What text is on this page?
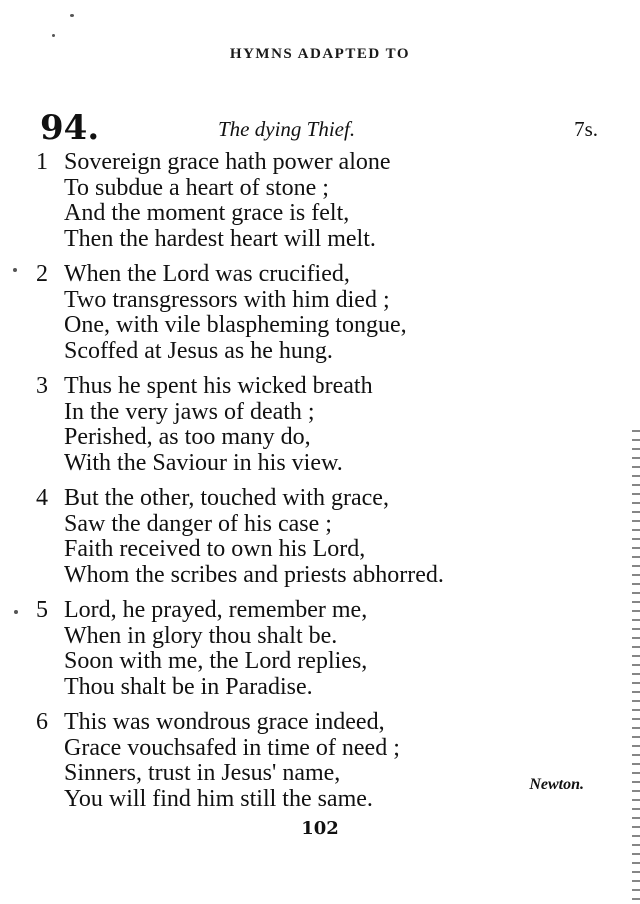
HYMNS ADAPTED TO
94.	The dying Thief.	7s.
1 Sovereign grace hath power alone
To subdue a heart of stone ;
And the moment grace is felt,
Then the hardest heart will melt.
2 When the Lord was crucified,
Two transgressors with him died ;
One, with vile blaspheming tongue,
Scoffed at Jesus as he hung.
3 Thus he spent his wicked breath
In the very jaws of death ;
Perished, as too many do,
With the Saviour in his view.
4 But the other, touched with grace,
Saw the danger of his case ;
Faith received to own his Lord,
Whom the scribes and priests abhorred.
5 Lord, he prayed, remember me,
When in glory thou shalt be.
Soon with me, the Lord replies,
Thou shalt be in Paradise.
6 This was wondrous grace indeed,
Grace vouchsafed in time of need ;
Sinners, trust in Jesus' name,
You will find him still the same.
Newton.
102
